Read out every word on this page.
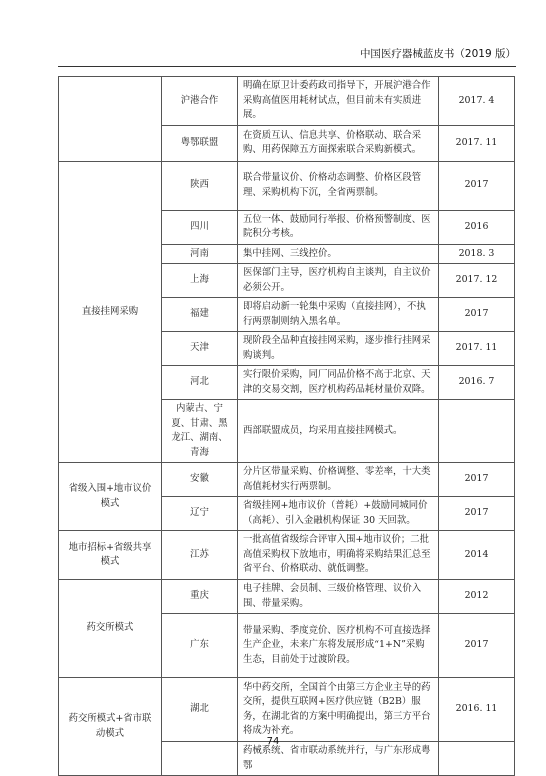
中国医疗器械蓝皮书（2019 版）
	沪港合作	明确在原卫计委药政司指导下，开展沪港合作采购高值医用耗材试点，但目前未有实质进展。	2017. 4
	粤鄂联盟	在资质互认、信息共享、价格联动、联合采购、用药保障五方面探索联合采购新模式。	2017. 11
直接挂网采购	陕西	联合带量议价、价格动态调整、价格区段管理、采购机构下沉，全省两票制。	2017
	四川	五位一体、鼓励同行举报、价格预警制度、医院积分考核。	2016
	河南	集中挂网、三线控价。	2018. 3
	上海	医保部门主导，医疗机构自主谈判，自主议价必须公开。	2017. 12
	福建	即将启动新一轮集中采购（直接挂网），不执行两票制则纳入黑名单。	2017
	天津	现阶段全品种直接挂网采购，逐步推行挂网采购谈判。	2017. 11
	河北	实行限价采购，同厂同品价格不高于北京、天津的交易交割，医疗机构药品耗材量价双降。	2016. 7
	内蒙古、宁夏、甘肃、黑龙江、湖南、青海	西部联盟成员，均采用直接挂网模式。	
省级入围+地市议价模式	安徽	分片区带量采购、价格调整、零差率，十大类高值耗材实行两票制。	2017
	辽宁	省级挂网+地市议价（普耗）+鼓励同城同价（高耗）、引入金融机构保证 30 天回款。	2017
地市招标+省级共享模式	江苏	一批高值省级综合评审入围+地市议价；二批高值采购权下放地市，明确将采购结果汇总至省平台、价格联动、就低调整。	2014
药交所模式	重庆	电子挂牌、会员制、三级价格管理、议价入围、带量采购。	2012
	广东	带量采购、季度竞价、医疗机构不可直接选择生产企业，未来广东将发展形成“1+N”采购生态，目前处于过渡阶段。	2017
药交所模式+省市联动模式	湖北	华中药交所，全国首个由第三方企业主导的药交所，提供互联网+医疗供应链（B2B）服务，在湖北省的方案中明确提出，第三方平台将成为补充。	2016. 11
		药械系统、省市联动系统并行，与广东形成粤鄂	
74
